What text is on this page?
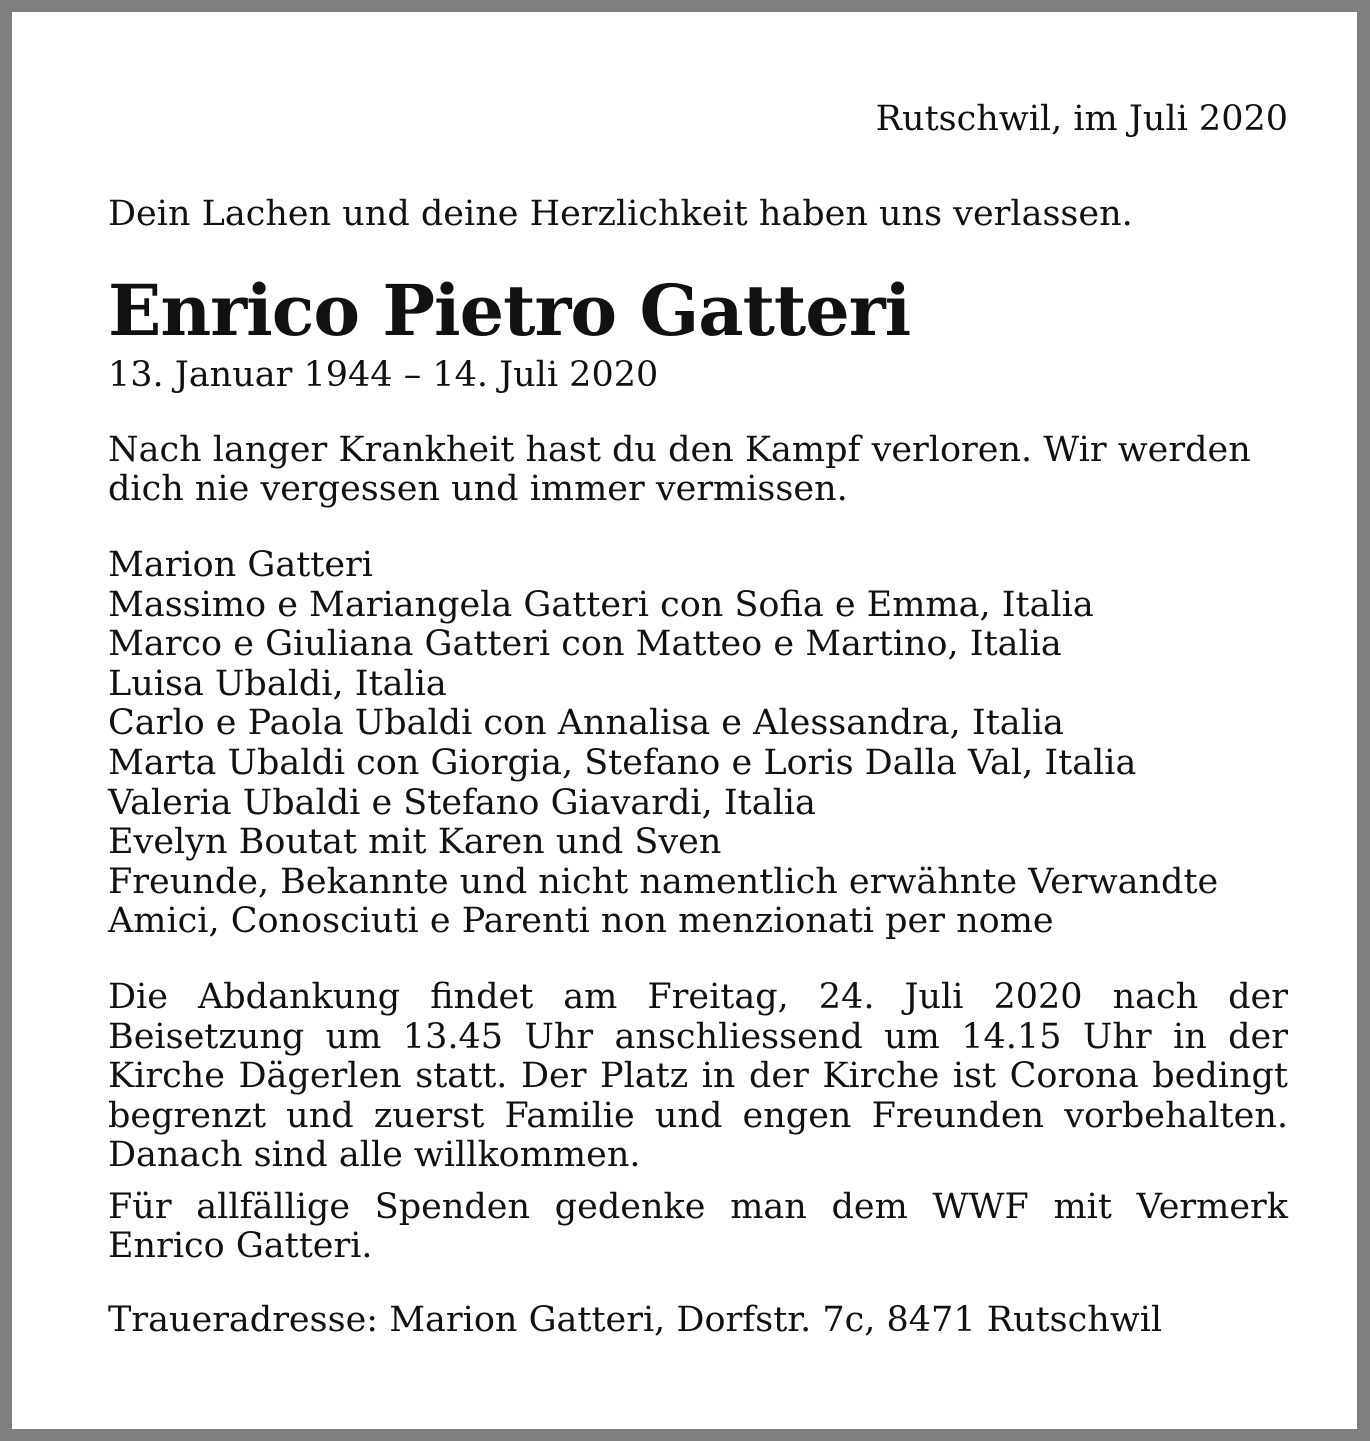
Rutschwil, im Juli 2020

Dein Lachen und deine Herzlichkeit haben uns verlassen.

Enrico Pietro Gatteri

13. Januar 1944 – 14. Juli 2020

Nach langer Krankheit hast du den Kampf verloren. Wir werden dich nie vergessen und immer vermissen.

Marion Gatteri
Massimo e Mariangela Gatteri con Sofia e Emma, Italia
Marco e Giuliana Gatteri con Matteo e Martino, Italia
Luisa Ubaldi, Italia
Carlo e Paola Ubaldi con Annalisa e Alessandra, Italia
Marta Ubaldi con Giorgia, Stefano e Loris Dalla Val, Italia
Valeria Ubaldi e Stefano Giavardi, Italia
Evelyn Boutat mit Karen und Sven
Freunde, Bekannte und nicht namentlich erwähnte Verwandte
Amici, Conosciuti e Parenti non menzionati per nome

Die Abdankung findet am Freitag, 24. Juli 2020 nach der Beisetzung um 13.45 Uhr anschliessend um 14.15 Uhr in der Kirche Dägerlen statt. Der Platz in der Kirche ist Corona bedingt begrenzt und zuerst Familie und engen Freunden vorbehalten. Danach sind alle willkommen.

Für allfällige Spenden gedenke man dem WWF mit Vermerk Enrico Gatteri.

Traueradresse: Marion Gatteri, Dorfstr. 7c, 8471 Rutschwil
